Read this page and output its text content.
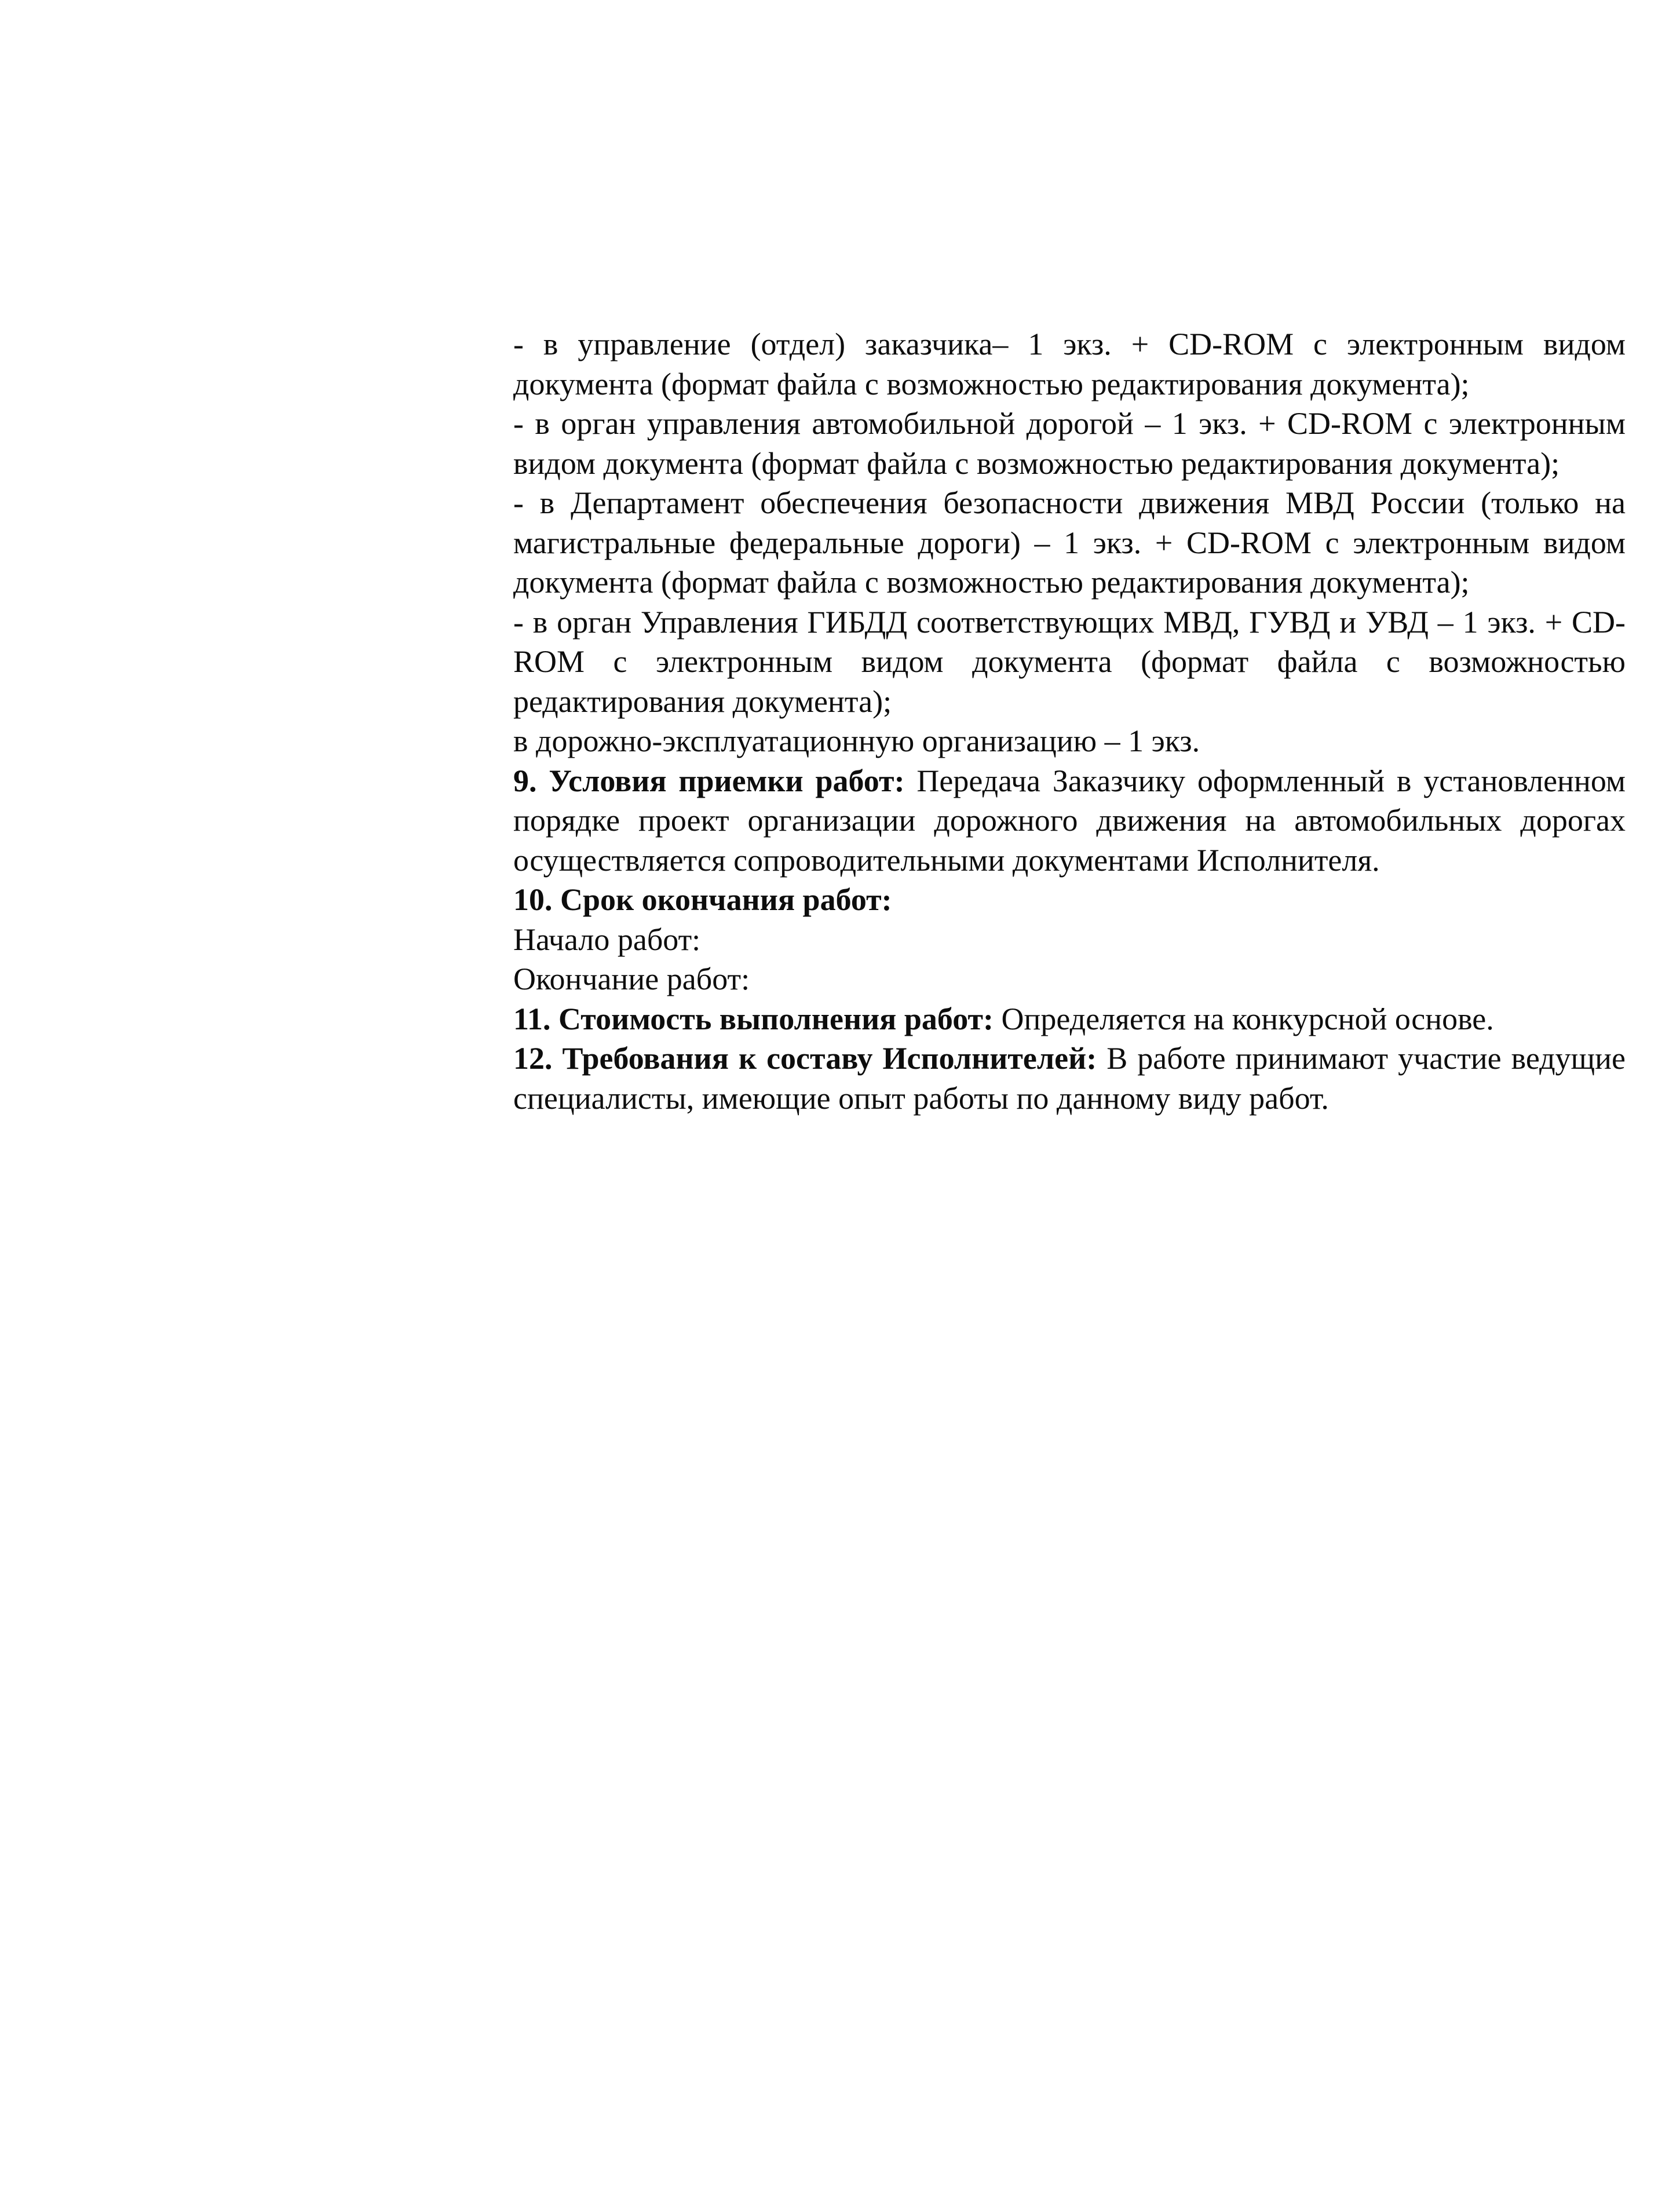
- в управление (отдел) заказчика– 1 экз. + CD-ROM с электронным видом документа (формат файла с возможностью редактирования документа);

- в орган управления автомобильной дорогой – 1 экз. + CD-ROM с электронным видом документа (формат файла с возможностью редактирования документа);

- в Департамент обеспечения безопасности движения МВД России (только на магистральные федеральные дороги) – 1 экз. + CD-ROM с электронным видом документа (формат файла с возможностью редактирования документа);

- в орган Управления ГИБДД соответствующих МВД, ГУВД и УВД – 1 экз. + CD-ROM с электронным видом документа (формат файла с возможностью редактирования документа);

в дорожно-эксплуатационную организацию – 1 экз.

9. Условия приемки работ: Передача Заказчику оформленный в установленном порядке проект организации дорожного движения на автомобильных дорогах осуществляется сопроводительными документами Исполнителя.

10. Срок окончания работ:

Начало работ:

Окончание работ:

11. Стоимость выполнения работ: Определяется на конкурсной основе.

12. Требования к составу Исполнителей: В работе принимают участие ведущие специалисты, имеющие опыт работы по данному виду работ.
